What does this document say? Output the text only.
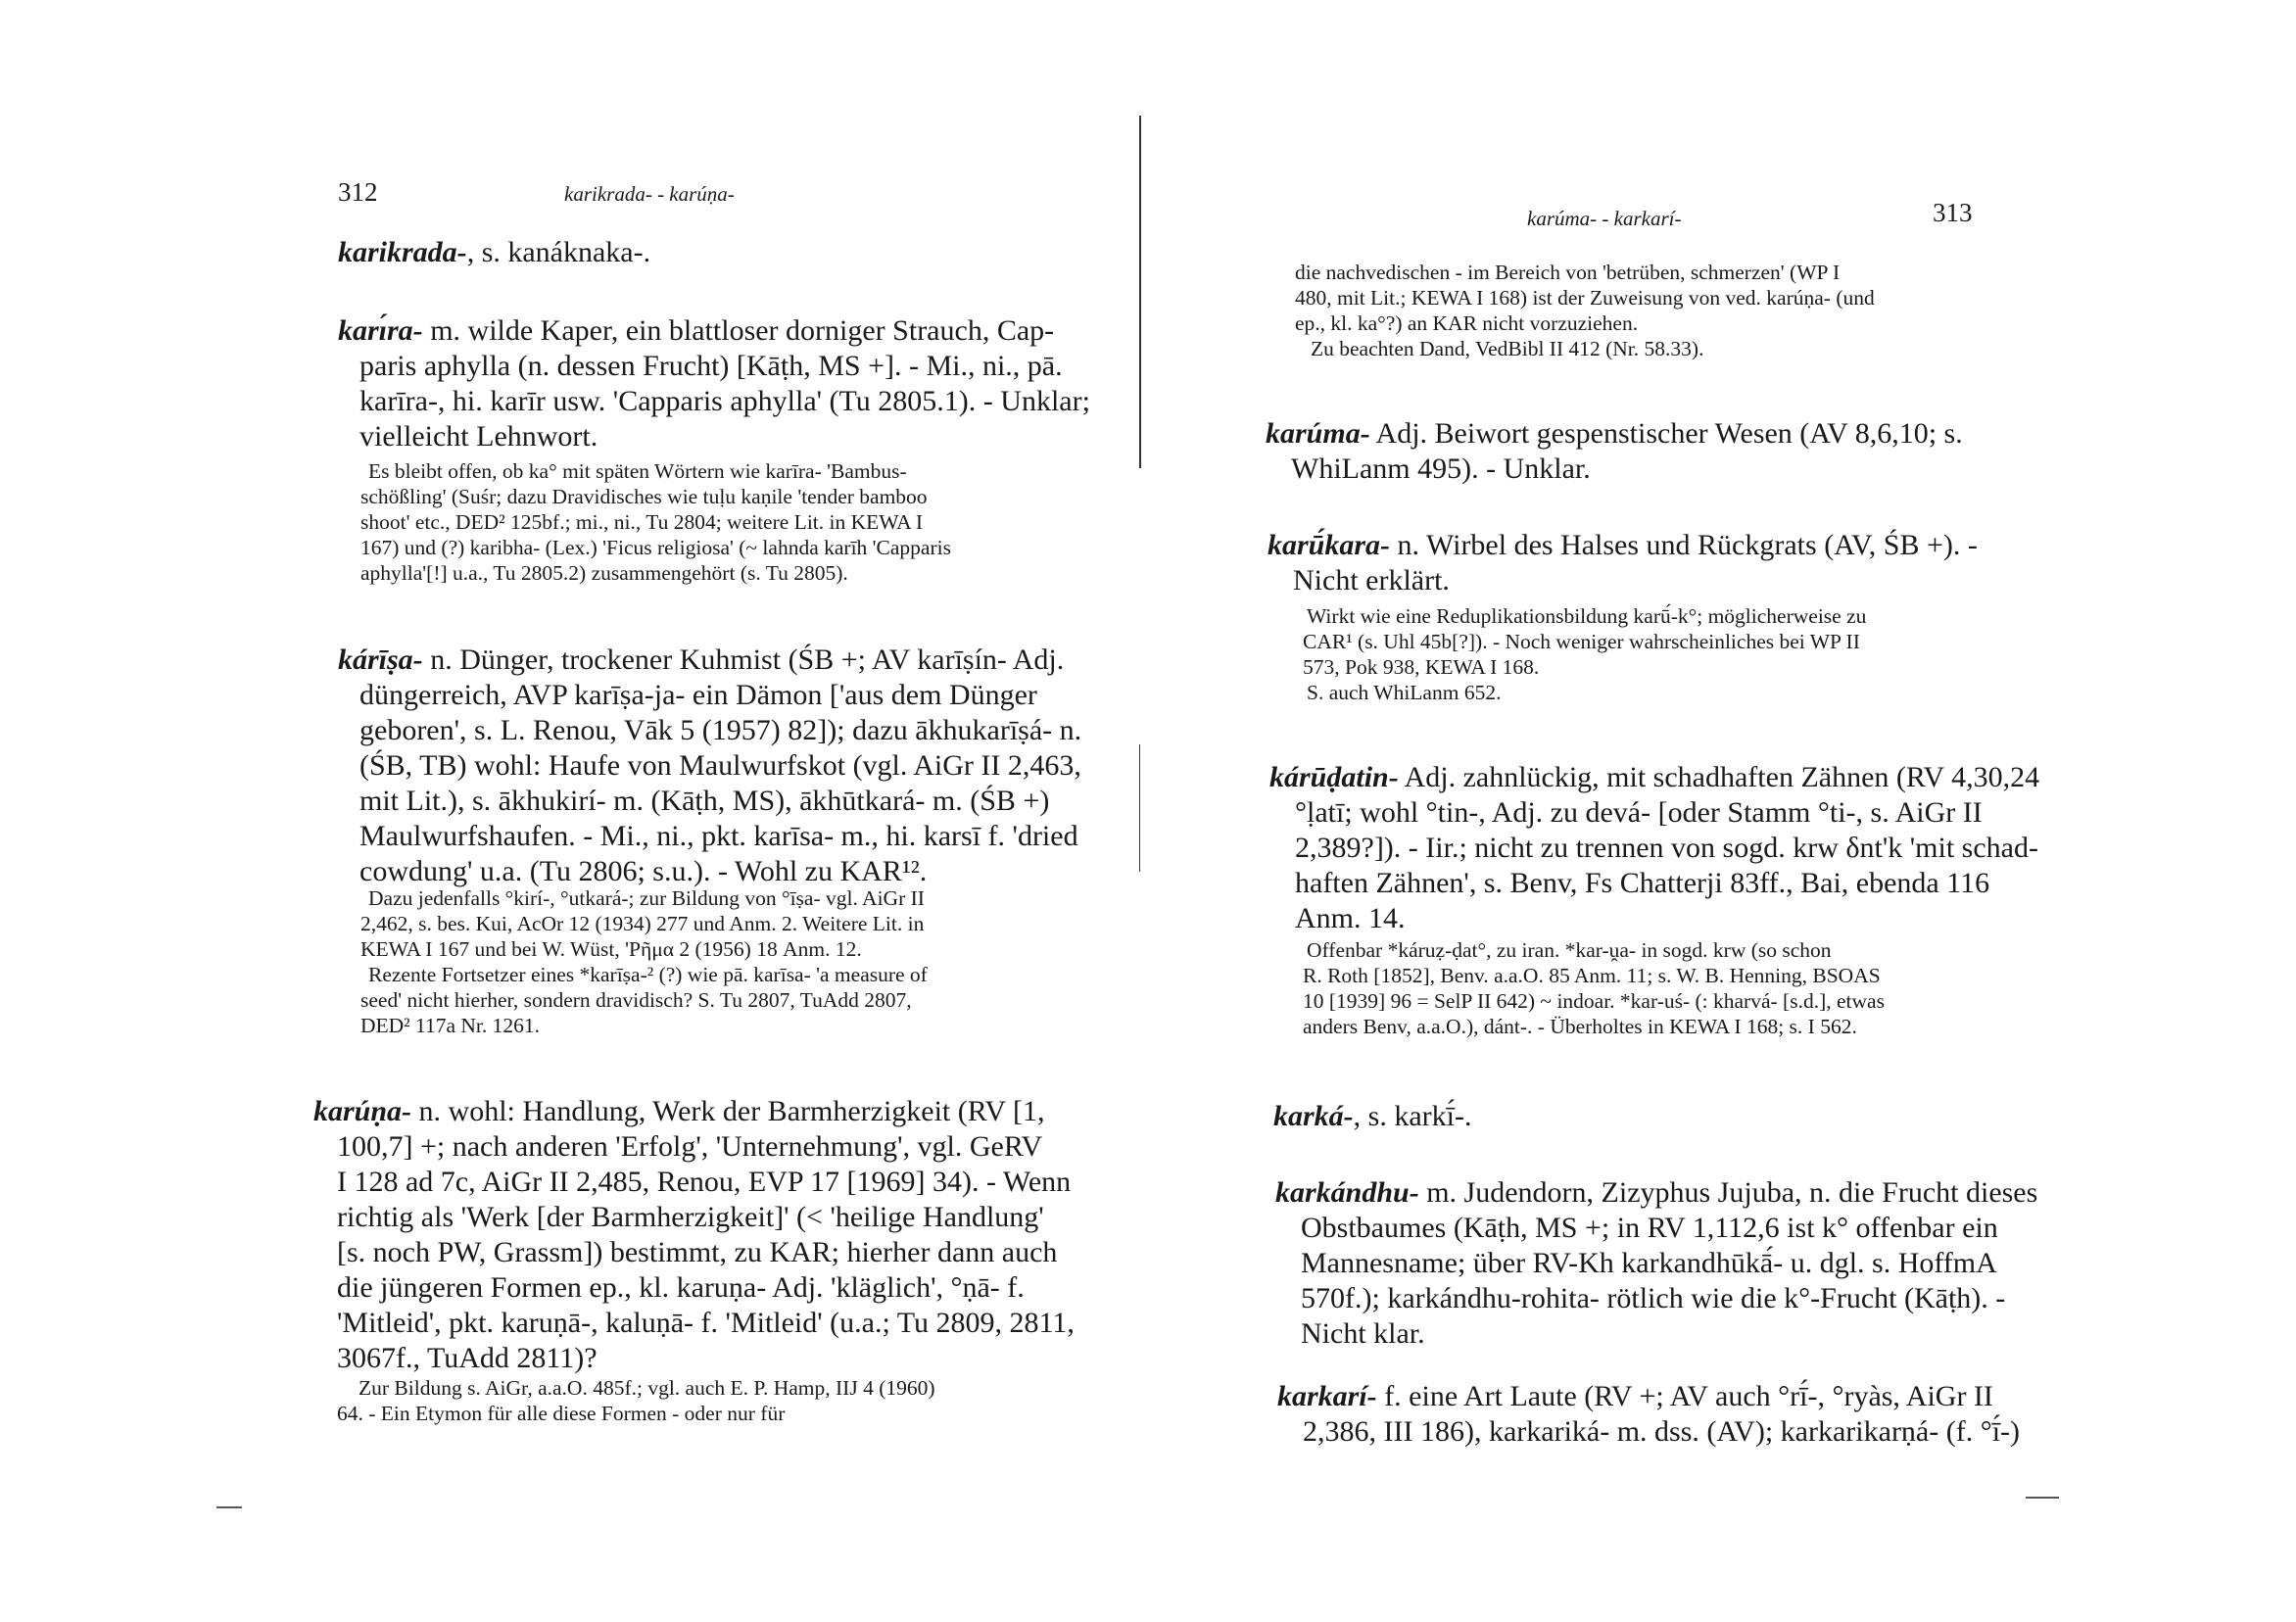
312	karikrada- - karúṇa-
karikrada-, s. kanáknaka-.
karı́ra- m. wilde Kaper, ein blattloser dorniger Strauch, Cap-
paris aphylla (n. dessen Frucht) [Kāṭh, MS +]. - Mi., ni., pā.
karīra-, hi. karīr usw. 'Capparis aphylla' (Tu 2805.1). - Unklar;
vielleicht Lehnwort.
Es bleibt offen, ob ka° mit späten Wörtern wie karīra- 'Bambus-
schößling' (Suśr; dazu Dravidisches wie tuḷu kaṇile 'tender bamboo
shoot' etc., DED² 125bf.; mi., ni., Tu 2804; weitere Lit. in KEWA I
167) und (?) karibha- (Lex.) 'Ficus religiosa' (~ lahnda karīh 'Capparis
aphylla'[!] u.a., Tu 2805.2) zusammengehört (s. Tu 2805).
kárīṣa- n. Dünger, trockener Kuhmist (ŚB +; AV karīṣín- Adj.
düngerreich, AVP karīṣa-ja- ein Dämon ['aus dem Dünger
geboren', s. L. Renou, Vāk 5 (1957) 82]); dazu ākhukarīṣá- n.
(ŚB, TB) wohl: Haufe von Maulwurfskot (vgl. AiGr II 2,463,
mit Lit.), s. ākhukirí- m. (Kāṭh, MS), ākhūtkará- m. (ŚB +)
Maulwurfshaufen. - Mi., ni., pkt. karīsa- m., hi. karsī f. 'dried
cowdung' u.a. (Tu 2806; s.u.). - Wohl zu KAR¹².
Dazu jedenfalls °kirí-, °utkará-; zur Bildung von °īṣa- vgl. AiGr II
2,462, s. bes. Kui, AcOr 12 (1934) 277 und Anm. 2. Weitere Lit. in
KEWA I 167 und bei W. Wüst, 'Pῆμα 2 (1956) 18 Anm. 12.
Rezente Fortsetzer eines *karīṣa-² (?) wie pā. karīsa- 'a measure of
seed' nicht hierher, sondern dravidisch? S. Tu 2807, TuAdd 2807,
DED² 117a Nr. 1261.
karúṇa- n. wohl: Handlung, Werk der Barmherzigkeit (RV [1,
100,7] +; nach anderen 'Erfolg', 'Unternehmung', vgl. GeRV
I 128 ad 7c, AiGr II 2,485, Renou, EVP 17 [1969] 34). - Wenn
richtig als 'Werk [der Barmherzigkeit]' (< 'heilige Handlung'
[s. noch PW, Grassm]) bestimmt, zu KAR; hierher dann auch
die jüngeren Formen ep., kl. karuṇa- Adj. 'kläglich', °ṇā- f.
'Mitleid', pkt. karuṇā-, kaluṇā- f. 'Mitleid' (u.a.; Tu 2809, 2811,
3067f., TuAdd 2811)?
Zur Bildung s. AiGr, a.a.O. 485f.; vgl. auch E. P. Hamp, IIJ 4 (1960)
64. - Ein Etymon für alle diese Formen - oder nur für
karúma- - karkarí-	313
die nachvedischen - im Bereich von 'betrüben, schmerzen' (WP I
480, mit Lit.; KEWA I 168) ist der Zuweisung von ved. karúṇa- (und
ep., kl. ka°?) an KAR nicht vorzuziehen.
Zu beachten Dand, VedBibl II 412 (Nr. 58.33).
karúma- Adj. Beiwort gespenstischer Wesen (AV 8,6,10; s.
WhiLanm 495). - Unklar.
karū́kara- n. Wirbel des Halses und Rückgrats (AV, ŚB +). -
Nicht erklärt.
Wirkt wie eine Reduplikationsbildung karū́-k°; möglicherweise zu
CAR¹ (s. Uhl 45b[?]). - Noch weniger wahrscheinliches bei WP II
573, Pok 938, KEWA I 168.
S. auch WhiLanm 652.
kárūḍatin- Adj. zahnlückig, mit schadhaften Zähnen (RV 4,30,24
°ḷatī; wohl °tin-, Adj. zu devá- [oder Stamm °ti-, s. AiGr II
2,389?]). - Iir.; nicht zu trennen von sogd. krw δnt'k 'mit schad-
haften Zähnen', s. Benv, Fs Chatterji 83ff., Bai, ebenda 116
Anm. 14.
Offenbar *káruẓ-ḍat°, zu iran. *kar-ṷa- in sogd. krw (so schon
R. Roth [1852], Benv. a.a.O. 85 Anm. 11; s. W. B. Henning, BSOAS
10 [1939] 96 = SelP II 642) ~ indoar. *kar-uś- (: kharvá- [s.d.], etwas
anders Benv, a.a.O.), dánt-. - Überholtes in KEWA I 168; s. I 562.
karká-, s. karkī́-.
karkándhu- m. Judendorn, Zizyphus Jujuba, n. die Frucht dieses
Obstbaumes (Kāṭh, MS +; in RV 1,112,6 ist k° offenbar ein
Mannesname; über RV-Kh karkandhūkā́- u. dgl. s. HoffmA
570f.); karkándhu-rohita- rötlich wie die k°-Frucht (Kāṭh). -
Nicht klar.
karkarí- f. eine Art Laute (RV +; AV auch °rī́-, °ryàs, AiGr II
2,386, III 186), karkariká- m. dss. (AV); karkarikarṇá- (f. °ī́-)
